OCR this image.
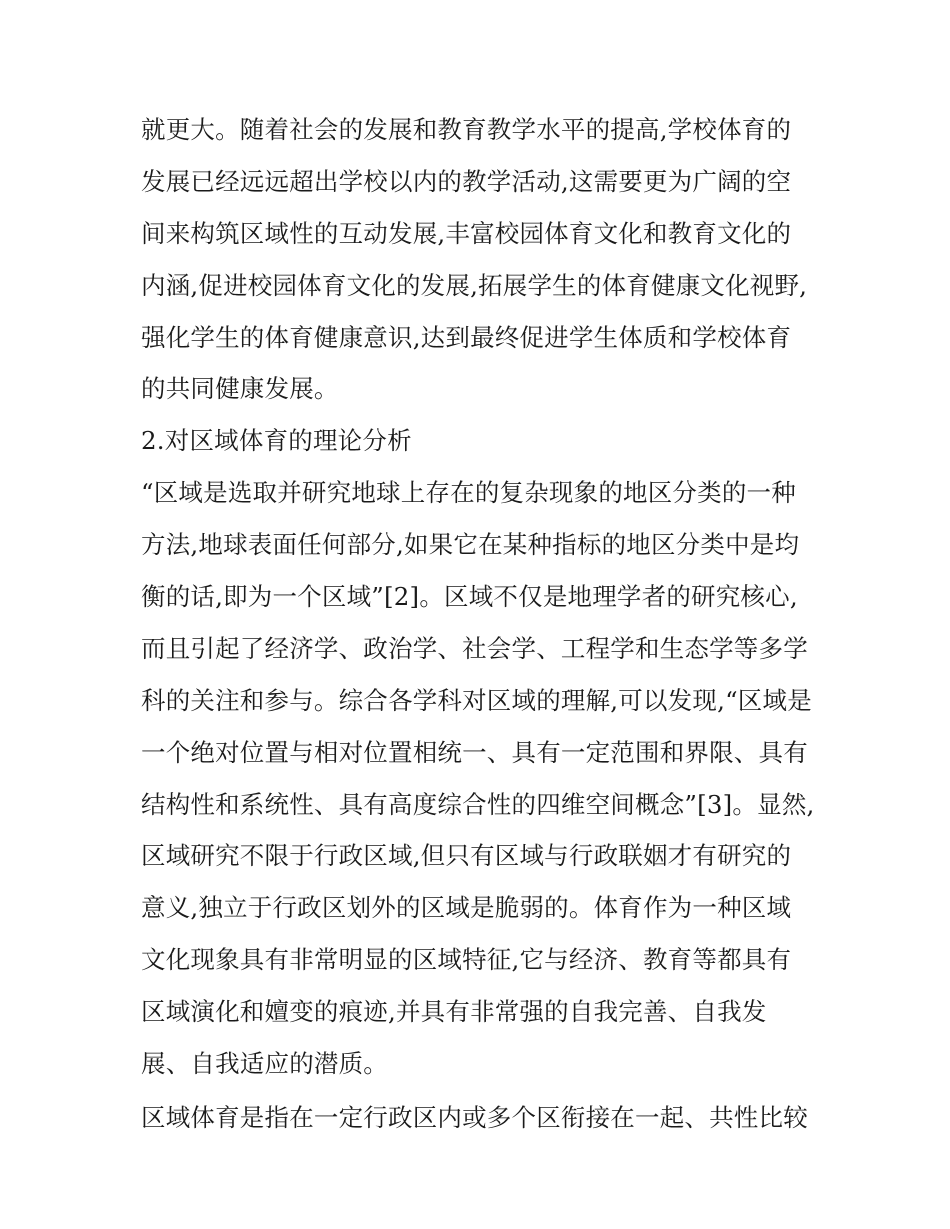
就更大。随着社会的发展和教育教学水平的提高,学校体育的
发展已经远远超出学校以内的教学活动,这需要更为广阔的空
间来构筑区域性的互动发展,丰富校园体育文化和教育文化的
内涵,促进校园体育文化的发展,拓展学生的体育健康文化视野,
强化学生的体育健康意识,达到最终促进学生体质和学校体育
的共同健康发展。
2.对区域体育的理论分析
“区域是选取并研究地球上存在的复杂现象的地区分类的一种
方法,地球表面任何部分,如果它在某种指标的地区分类中是均
衡的话,即为一个区域”[2]。区域不仅是地理学者的研究核心,
而且引起了经济学、政治学、社会学、工程学和生态学等多学
科的关注和参与。综合各学科对区域的理解,可以发现,“区域是
一个绝对位置与相对位置相统一、具有一定范围和界限、具有
结构性和系统性、具有高度综合性的四维空间概念”[3]。显然,
区域研究不限于行政区域,但只有区域与行政联姻才有研究的
意义,独立于行政区划外的区域是脆弱的。体育作为一种区域
文化现象具有非常明显的区域特征,它与经济、教育等都具有
区域演化和嬗变的痕迹,并具有非常强的自我完善、自我发
展、自我适应的潜质。
区域体育是指在一定行政区内或多个区衔接在一起、共性比较
